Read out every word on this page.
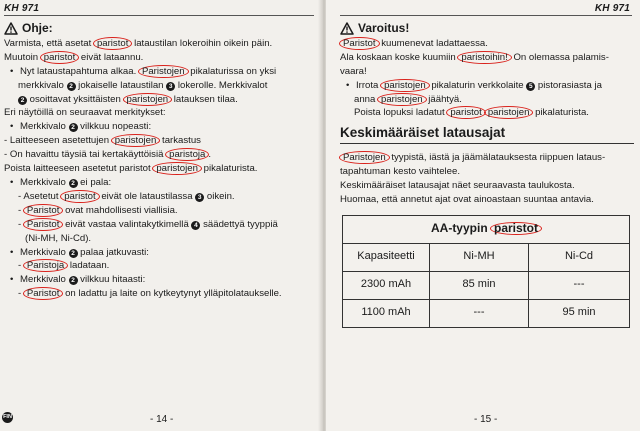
KH 971
Ohje:
Varmista, että asetat paristot lataustilan lokeroihin oikein päin.
Muutoin paristot eivät lataannu.
• Nyt lataustapahtuma alkaa. Paristojen pikalaturissa on yksi
merkkivalo 2 jokaiselle lataustilan 3 lokerolle. Merkkivalot
2 osoittavat yksittäisten paristojen latauksen tilaa.
Eri näytöillä on seuraavat merkitykset:
• Merkkivalo 2 vilkkuu nopeasti:
- Laitteeseen asetettujen paristojen tarkastus
- On havaittu täysiä tai kertakäyttöisiä paristoja .
Poista laitteeseen asetetut paristot paristojen pikalaturista.
• Merkkivalo 2 ei pala:
- Asetetut paristot eivät ole lataustilassa 3 oikein.
- Paristot ovat mahdollisesti viallisia.
- Paristot eivät vastaa valintakytkimellä 4 säädettyä tyyppiä
(Ni-MH, Ni-Cd).
• Merkkivalo 2 palaa jatkuvasti:
- Paristoja ladataan.
• Merkkivalo 2 vilkkuu hitaasti:
- Paristot on ladattu ja laite on kytkeytynyt ylläpitolataukselle.
FIN	- 14 -
KH 971
Varoitus!
Paristot kuumenevat ladattaessa.
Ala koskaan koske kuumiin paristoihin! On olemassa palamis-
vaara!
• Irrota paristojen pikalaturin verkkolaite 5 pistorasiasta ja
anna paristojen jäähtyä.
Poista lopuksi ladatut paristot paristojen pikalaturista.
Keskimääräiset latausajat
Paristojen tyypistä, iästä ja jäämälatauksesta riippuen lataus-
tapahtuman kesto vaihtelee.
Keskimääräiset latausajat näet seuraavasta taulukosta.
Huomaa, että annetut ajat ovat ainoastaan suuntaa antavia.
AA-tyypin paristot		
Kapasiteetti	Ni-MH	Ni-Cd
2300 mAh	85 min	---
1100 mAh	---	95 min
- 15 -
